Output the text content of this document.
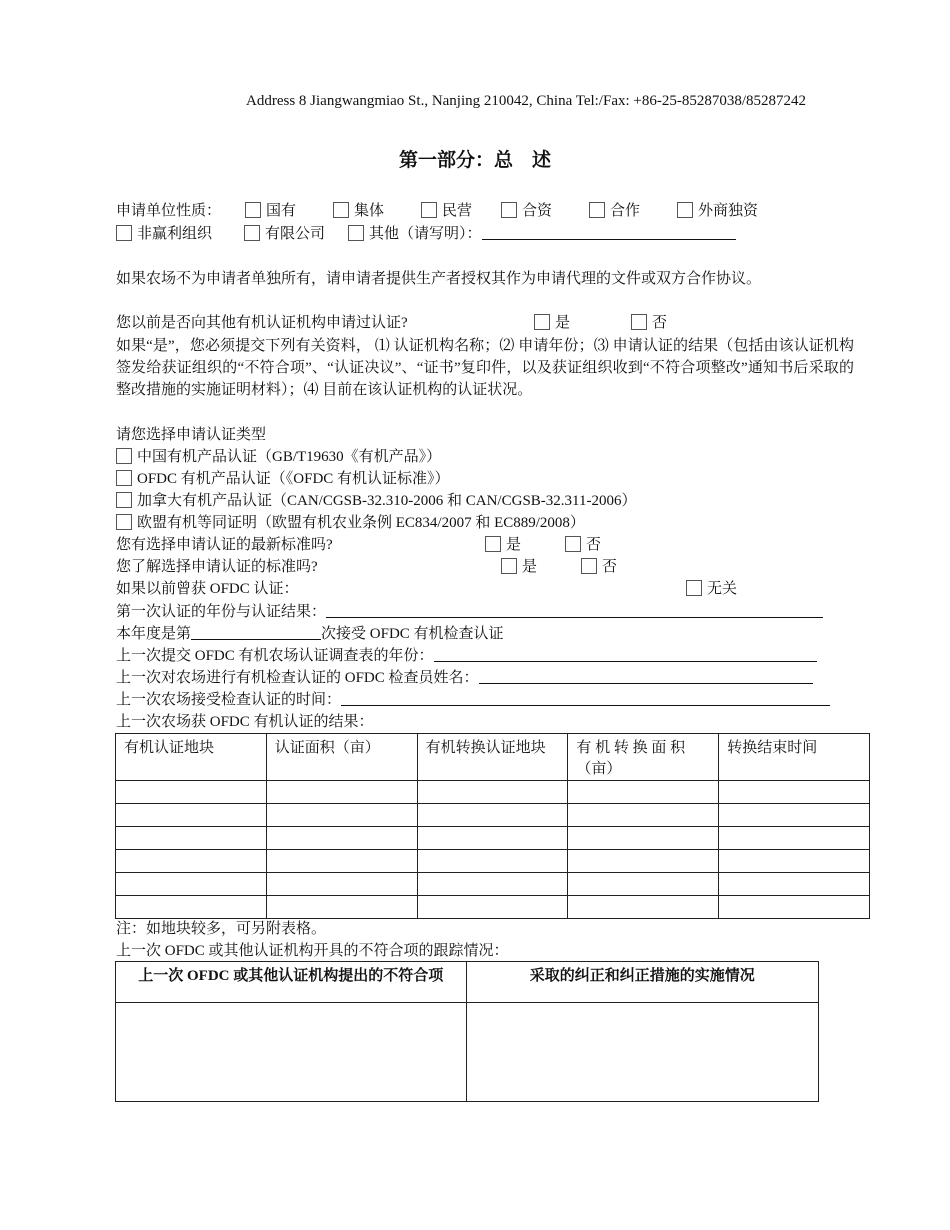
Address 8 Jiangwangmiao St., Nanjing 210042, China Tel:/Fax: +86-25-85287038/85287242
第一部分：总　述
申请单位性质：	国有	集体	民营	合资	合作	外商独资
非赢利组织	有限公司	其他（请写明）：
如果农场不为申请者单独所有，请申请者提供生产者授权其作为申请代理的文件或双方合作协议。
您以前是否向其他有机认证机构申请过认证?	是	否
如果“是”，您必须提交下列有关资料， ⑴ 认证机构名称；⑵ 申请年份；⑶ 申请认证的结果（包括由该认证机构签发给获证组织的“不符合项”、“认证决议”、“证书”复印件，以及获证组织收到“不符合项整改”通知书后采取的整改措施的实施证明材料）；⑷ 目前在该认证机构的认证状况。
请您选择申请认证类型
中国有机产品认证（GB/T19630《有机产品》）
OFDC 有机产品认证（《OFDC 有机认证标准》）
加拿大有机产品认证（CAN/CGSB-32.310-2006 和 CAN/CGSB-32.311-2006）
欧盟有机等同证明（欧盟有机农业条例 EC834/2007 和 EC889/2008）
您有选择申请认证的最新标准吗?	是	否
您了解选择申请认证的标准吗?	是	否
如果以前曾获 OFDC 认证：	无关
第一次认证的年份与认证结果：
本年度是第	次接受 OFDC 有机检查认证
上一次提交 OFDC 有机农场认证调查表的年份：
上一次对农场进行有机检查认证的 OFDC 检查员姓名：
上一次农场接受检查认证的时间：
上一次农场获 OFDC 有机认证的结果：
有机认证地块	认证面积（亩）	有机转换认证地块	有 机 转 换 面 积（亩）	转换结束时间

注：如地块较多，可另附表格。
上一次 OFDC 或其他认证机构开具的不符合项的跟踪情况：
上一次 OFDC 或其他认证机构提出的不符合项	采取的纠正和纠正措施的实施情况
